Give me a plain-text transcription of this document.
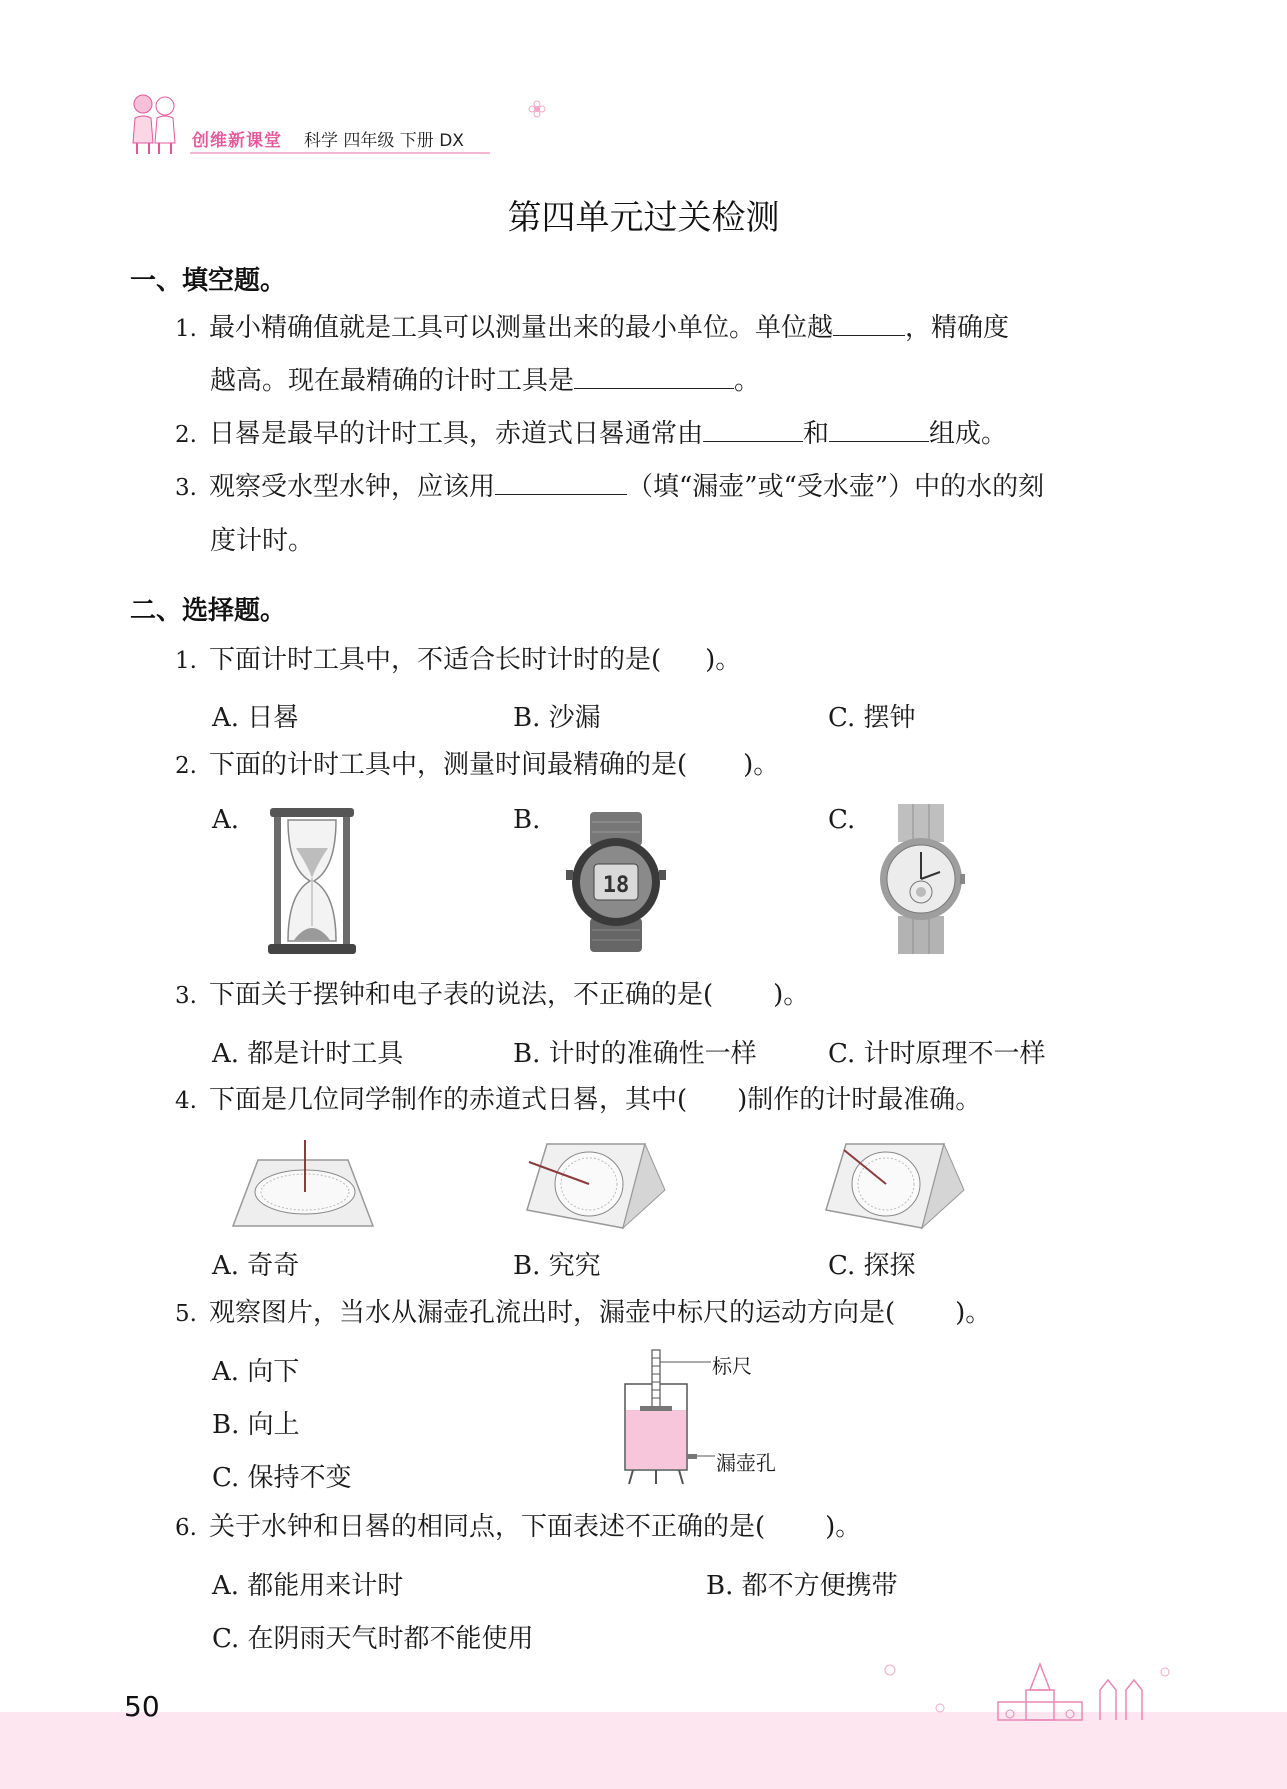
创维新课堂 科学 四年级 下册 DX
第四单元过关检测
一、填空题。
1. 最小精确值就是工具可以测量出来的最小单位。单位越	，精确度
越高。现在最精确的计时工具是	。
2. 日晷是最早的计时工具，赤道式日晷通常由	和	组成。
3. 观察受水型水钟，应该用	（填“漏壶”或“受水壶”）中的水的刻
度计时。
二、选择题。
1. 下面计时工具中，不适合长时计时的是( )。
A. 日晷	B. 沙漏	C. 摆钟
2. 下面的计时工具中，测量时间最精确的是( )。
A.	B.	C.
18
3. 下面关于摆钟和电子表的说法，不正确的是( )。
A. 都是计时工具	B. 计时的准确性一样	C. 计时原理不一样
4. 下面是几位同学制作的赤道式日晷，其中( )制作的计时最准确。
A. 奇奇	B. 究究	C. 探探
5. 观察图片，当水从漏壶孔流出时，漏壶中标尺的运动方向是( )。
A. 向下
B. 向上
C. 保持不变
标尺
漏壶孔
6. 关于水钟和日晷的相同点，下面表述不正确的是( )。
A. 都能用来计时	B. 都不方便携带
C. 在阴雨天气时都不能使用
50
